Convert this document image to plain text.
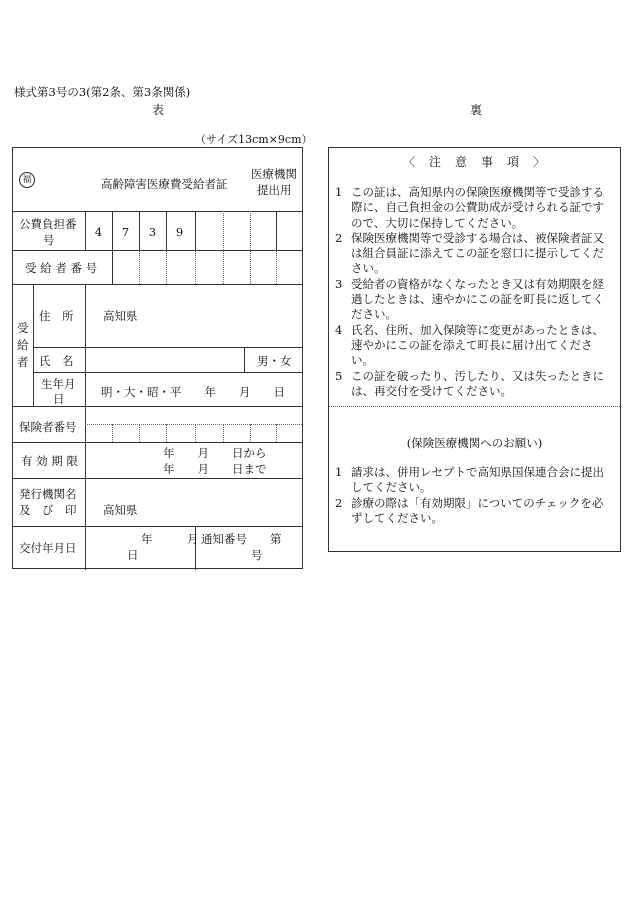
様式第3号の3(第2条、第3条関係)
表	裏
（サイズ13cm×9cm）
福	高齢障害医療費受給者証
医療機関
提出用
公費負担番
号
4	7	3	9
受 給 者 番 号
受給者
住　所	高知県
氏　名	男・女
生年月
日	明・大・昭・平　　年　　月　　日
保険者番号
有 効 期 限
年　　月　　日から
年　　月　　日まで
発行機関名
及　び　印 高知県
交付年月日
年　　　月
日
通知番号　　第
号
〈　注　意　事　項　〉
1 この証は、高知県内の保険医療機関等で受診する際に、自己負担金の公費助成が受けられる証ですので、大切に保持してください。
2 保険医療機関等で受診する場合は、被保険者証又は組合員証に添えてこの証を窓口に提示してください。
3 受給者の資格がなくなったとき又は有効期限を経過したときは、速やかにこの証を町長に返してください。
4 氏名、住所、加入保険等に変更があったときは、速やかにこの証を添えて町長に届け出てください。
5 この証を破ったり、汚したり、又は失ったときには、再交付を受けてください。
(保険医療機関へのお願い)
1 請求は、併用レセプトで高知県国保連合会に提出してください。
2 診療の際は「有効期限」についてのチェックを必ずしてください。
